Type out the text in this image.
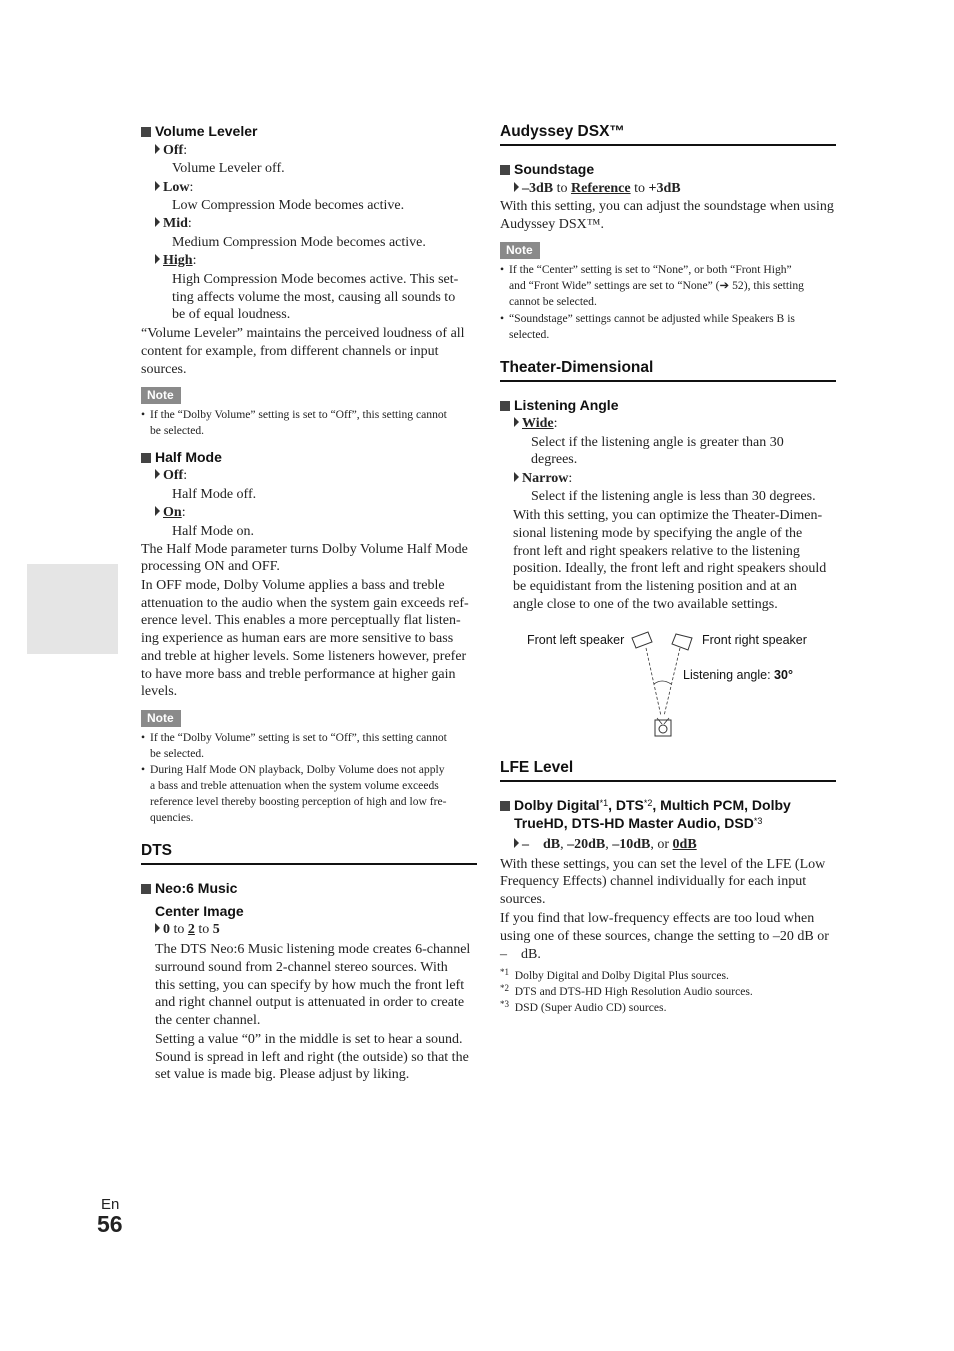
Volume Leveler
Off:
Volume Leveler off.
Low:
Low Compression Mode becomes active.
Mid:
Medium Compression Mode becomes active.
High:
High Compression Mode becomes active. This set-
ting affects volume the most, causing all sounds to
be of equal loudness.
“Volume Leveler” maintains the perceived loudness of all
content for example, from different channels or input
sources.
Note
• If the “Dolby Volume” setting is set to “Off”, this setting cannot
be selected.
Half Mode
Off:
Half Mode off.
On:
Half Mode on.
The Half Mode parameter turns Dolby Volume Half Mode
processing ON and OFF.
In OFF mode, Dolby Volume applies a bass and treble
attenuation to the audio when the system gain exceeds ref-
erence level. This enables a more perceptually flat listen-
ing experience as human ears are more sensitive to bass
and treble at higher levels. Some listeners however, prefer
to have more bass and treble performance at higher gain
levels.
Note
• If the “Dolby Volume” setting is set to “Off”, this setting cannot
be selected.
• During Half Mode ON playback, Dolby Volume does not apply
a bass and treble attenuation when the system volume exceeds
reference level thereby boosting perception of high and low fre-
quencies.
DTS
Neo:6 Music
Center Image
0 to 2 to 5
The DTS Neo:6 Music listening mode creates 6-channel
surround sound from 2-channel stereo sources. With
this setting, you can specify by how much the front left
and right channel output is attenuated in order to create
the center channel.
Setting a value “0” in the middle is set to hear a sound.
Sound is spread in left and right (the outside) so that the
set value is made big. Please adjust by liking.
Audyssey DSX™
Soundstage
–3dB to Reference to +3dB
With this setting, you can adjust the soundstage when using
Audyssey DSX™.
Note
• If the “Center” setting is set to “None”, or both “Front High”
and “Front Wide” settings are set to “None” (➔ 52), this setting
cannot be selected.
• “Soundstage” settings cannot be adjusted while Speakers B is
selected.
Theater-Dimensional
Listening Angle
Wide:
Select if the listening angle is greater than 30
degrees.
Narrow:
Select if the listening angle is less than 30 degrees.
With this setting, you can optimize the Theater-Dimen-
sional listening mode by specifying the angle of the
front left and right speakers relative to the listening
position. Ideally, the front left and right speakers should
be equidistant from the listening position and at an
angle close to one of the two available settings.
Front left speaker	Front right speaker
Listening angle: 30°
LFE Level
Dolby Digital$^{*1}$, DTS$^{*2}$, Multich PCM, Dolby
TrueHD, DTS-HD Master Audio, DSD$^{*3}$
– dB, –20dB, –10dB, or 0dB
With these settings, you can set the level of the LFE (Low
Frequency Effects) channel individually for each input
sources.
If you find that low-frequency effects are too loud when
using one of these sources, change the setting to –20 dB or
– dB.
$^{*1}$ Dolby Digital and Dolby Digital Plus sources.
$^{*2}$ DTS and DTS-HD High Resolution Audio sources.
$^{*3}$ DSD (Super Audio CD) sources.
En
56
